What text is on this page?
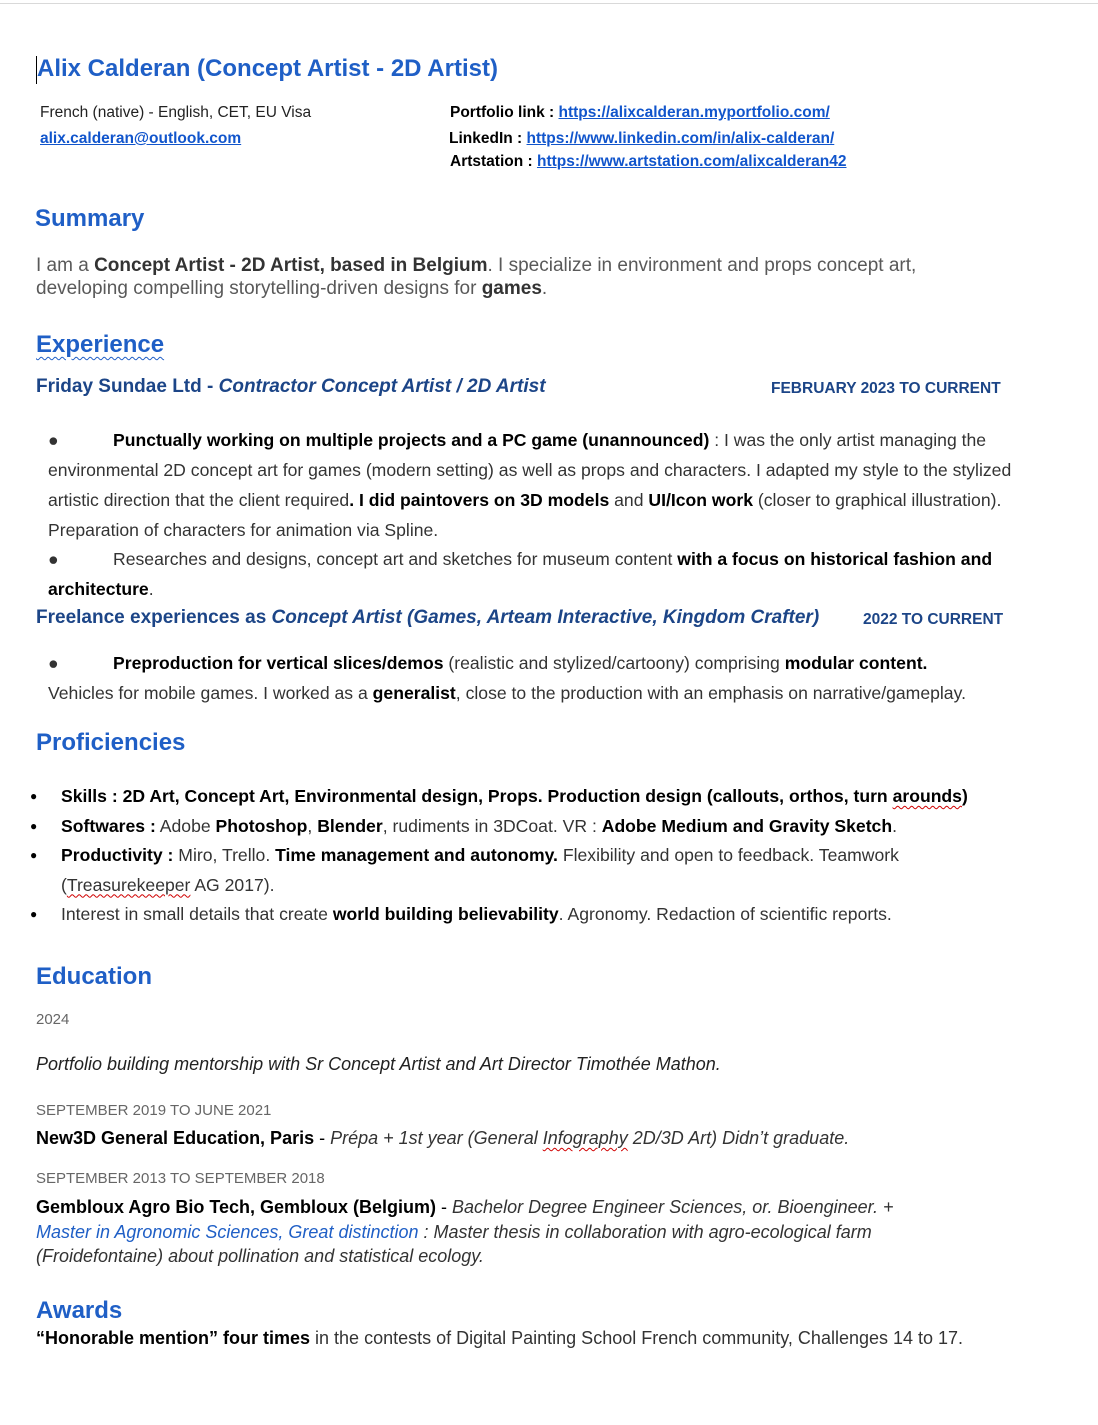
Alix Calderan (Concept Artist - 2D Artist)
French (native) - English, CET, EU Visa
alix.calderan@outlook.com
Portfolio link : https://alixcalderan.myportfolio.com/
LinkedIn : https://www.linkedin.com/in/alix-calderan/
Artstation : https://www.artstation.com/alixcalderan42
Summary
I am a Concept Artist - 2D Artist, based in Belgium. I specialize in environment and props concept art,
developing compelling storytelling-driven designs for games.
Experience
Friday Sundae Ltd - Contractor Concept Artist / 2D Artist	FEBRUARY 2023 TO CURRENT
●	Punctually working on multiple projects and a PC game (unannounced) : I was the only artist managing the environmental 2D concept art for games (modern setting) as well as props and characters. I adapted my style to the stylized artistic direction that the client required. I did paintovers on 3D models and UI/Icon work (closer to graphical illustration). Preparation of characters for animation via Spline.
●	Researches and designs, concept art and sketches for museum content with a focus on historical fashion and architecture.
Freelance experiences as Concept Artist (Games, Arteam Interactive, Kingdom Crafter)	2022 TO CURRENT
●	Preproduction for vertical slices/demos (realistic and stylized/cartoony) comprising modular content.
Vehicles for mobile games. I worked as a generalist, close to the production with an emphasis on narrative/gameplay.
Proficiencies
● Skills : 2D Art, Concept Art, Environmental design, Props. Production design (callouts, orthos, turn arounds)
● Softwares : Adobe Photoshop, Blender, rudiments in 3DCoat. VR : Adobe Medium and Gravity Sketch.
● Productivity : Miro, Trello. Time management and autonomy. Flexibility and open to feedback. Teamwork
(Treasurekeeper AG 2017).
● Interest in small details that create world building believability. Agronomy. Redaction of scientific reports.
Education
2024
Portfolio building mentorship with Sr Concept Artist and Art Director Timothée Mathon.
SEPTEMBER 2019 TO JUNE 2021
New3D General Education, Paris - Prépa + 1st year (General Infography 2D/3D Art) Didn’t graduate.
SEPTEMBER 2013 TO SEPTEMBER 2018
Gembloux Agro Bio Tech, Gembloux (Belgium) - Bachelor Degree Engineer Sciences, or. Bioengineer. +
Master in Agronomic Sciences, Great distinction : Master thesis in collaboration with agro-ecological farm
(Froidefontaine) about pollination and statistical ecology.
Awards
“Honorable mention” four times in the contests of Digital Painting School French community, Challenges 14 to 17.
